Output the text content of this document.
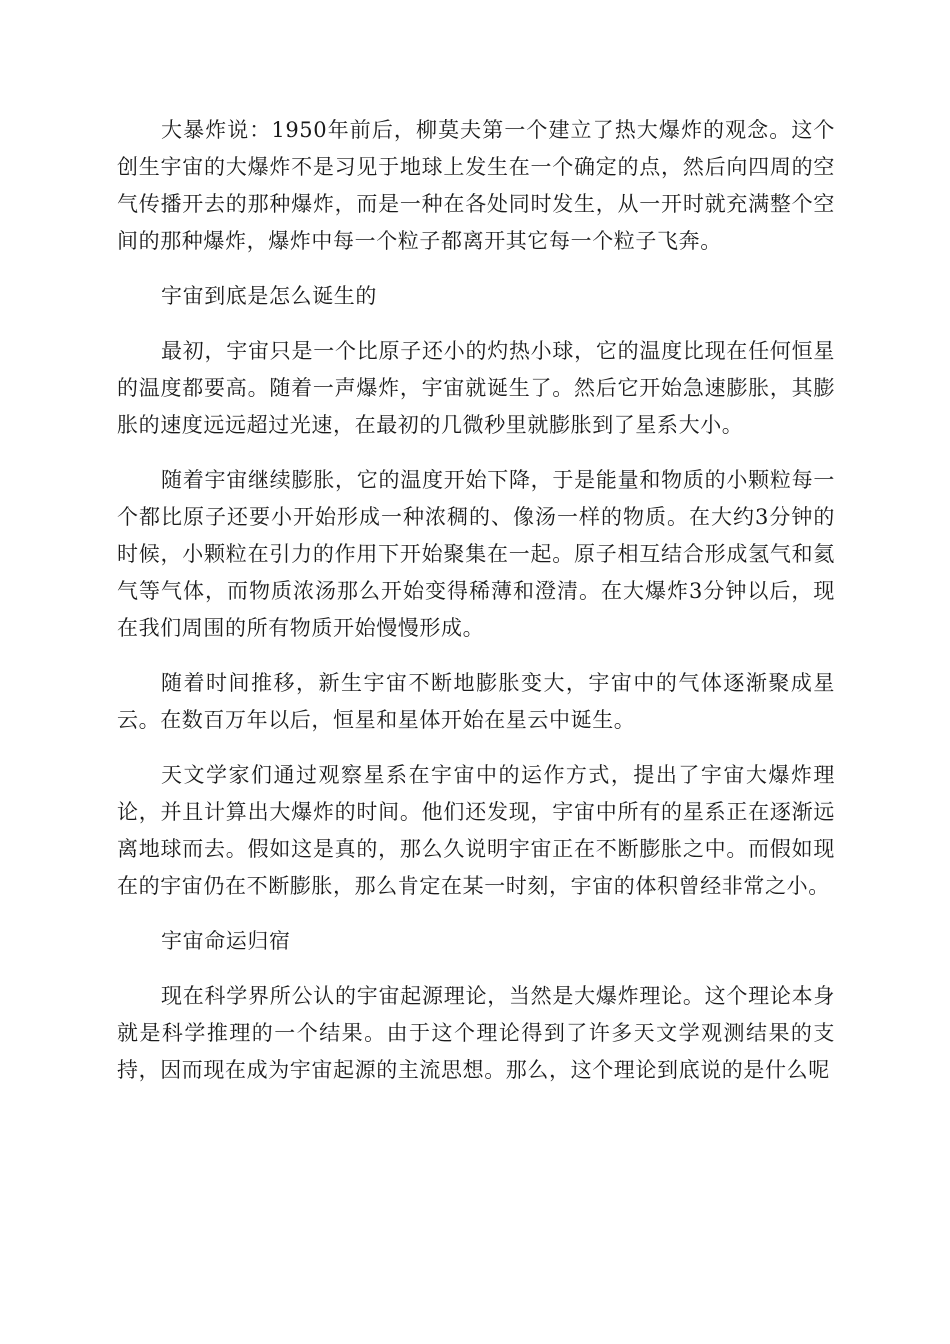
大暴炸说：1950年前后，柳莫夫第一个建立了热大爆炸的观念。这个创生宇宙的大爆炸不是习见于地球上发生在一个确定的点，然后向四周的空气传播开去的那种爆炸，而是一种在各处同时发生，从一开时就充满整个空间的那种爆炸，爆炸中每一个粒子都离开其它每一个粒子飞奔。

宇宙到底是怎么诞生的

最初，宇宙只是一个比原子还小的灼热小球，它的温度比现在任何恒星的温度都要高。随着一声爆炸，宇宙就诞生了。然后它开始急速膨胀，其膨胀的速度远远超过光速，在最初的几微秒里就膨胀到了星系大小。

随着宇宙继续膨胀，它的温度开始下降，于是能量和物质的小颗粒每一个都比原子还要小开始形成一种浓稠的、像汤一样的物质。在大约3分钟的时候，小颗粒在引力的作用下开始聚集在一起。原子相互结合形成氢气和氦气等气体，而物质浓汤那么开始变得稀薄和澄清。在大爆炸3分钟以后，现在我们周围的所有物质开始慢慢形成。

随着时间推移，新生宇宙不断地膨胀变大，宇宙中的气体逐渐聚成星云。在数百万年以后，恒星和星体开始在星云中诞生。

天文学家们通过观察星系在宇宙中的运作方式，提出了宇宙大爆炸理论，并且计算出大爆炸的时间。他们还发现，宇宙中所有的星系正在逐渐远离地球而去。假如这是真的，那么久说明宇宙正在不断膨胀之中。而假如现在的宇宙仍在不断膨胀，那么肯定在某一时刻，宇宙的体积曾经非常之小。

宇宙命运归宿

现在科学界所公认的宇宙起源理论，当然是大爆炸理论。这个理论本身就是科学推理的一个结果。由于这个理论得到了许多天文学观测结果的支持，因而现在成为宇宙起源的主流思想。那么，这个理论到底说的是什么呢
